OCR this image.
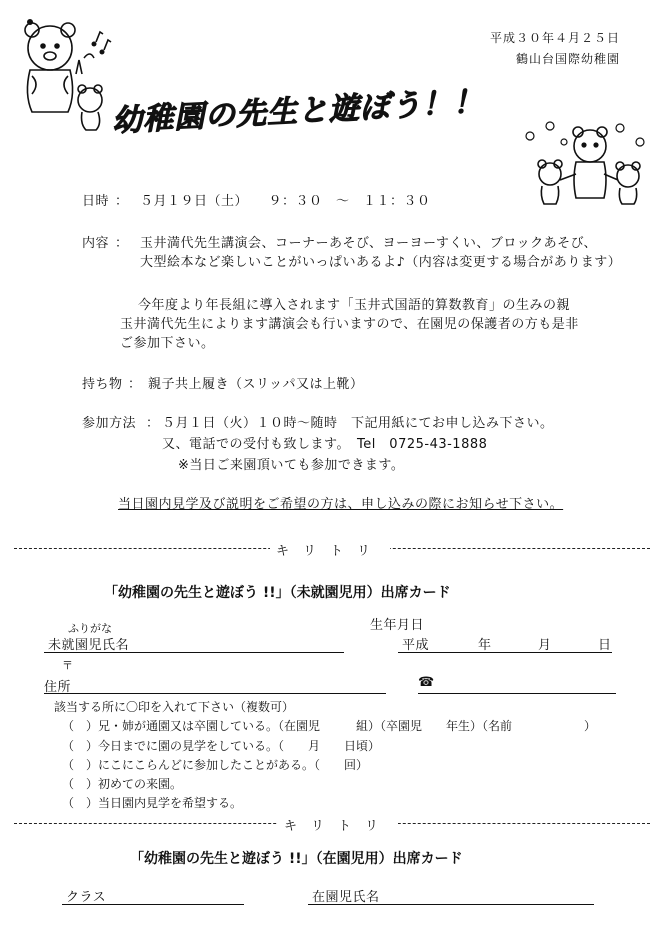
平成３０年４月２５日
鶴山台国際幼稚園
幼稚園の先生と遊ぼう！！
日時 ： ５月１９日（土）　　９：３０　～　１１：３０
内容 ： 玉井満代先生講演会、コーナーあそび、ヨーヨーすくい、ブロックあそび、
大型絵本など楽しいことがいっぱいあるよ♪（内容は変更する場合があります）
今年度より年長組に導入されます「玉井式国語的算数教育」の生みの親
玉井満代先生によります講演会も行いますので、在園児の保護者の方も是非
ご参加下さい。
持ち物 ： 親子共上履き（スリッパ又は上靴）
参加方法 ： ５月１日（火）１０時～随時　下記用紙にてお申し込み下さい。
又、電話での受付も致します。　Tel　0725-43-1888
※当日ご来園頂いても参加できます。
当日園内見学及び説明をご希望の方は、申し込みの際にお知らせ下さい。
キリトリ
「幼稚園の先生と遊ぼう !!」（未就園児用）出席カード
ふりがな	生年月日
未就園児氏名	平成	年	月	日
〒
住所	☎
該当する所に〇印を入れて下さい（複数可）
（　）兄・姉が通園又は卒園している。（在園児　　　組）（卒園児　　年生）（名前　　　　　　）
（　）今日までに園の見学をしている。（　　月　　日頃）
（　）にこにこらんどに参加したことがある。（　　回）
（　）初めての来園。
（　）当日園内見学を希望する。
キリトリ
「幼稚園の先生と遊ぼう !!」（在園児用）出席カード
クラス	在園児氏名
